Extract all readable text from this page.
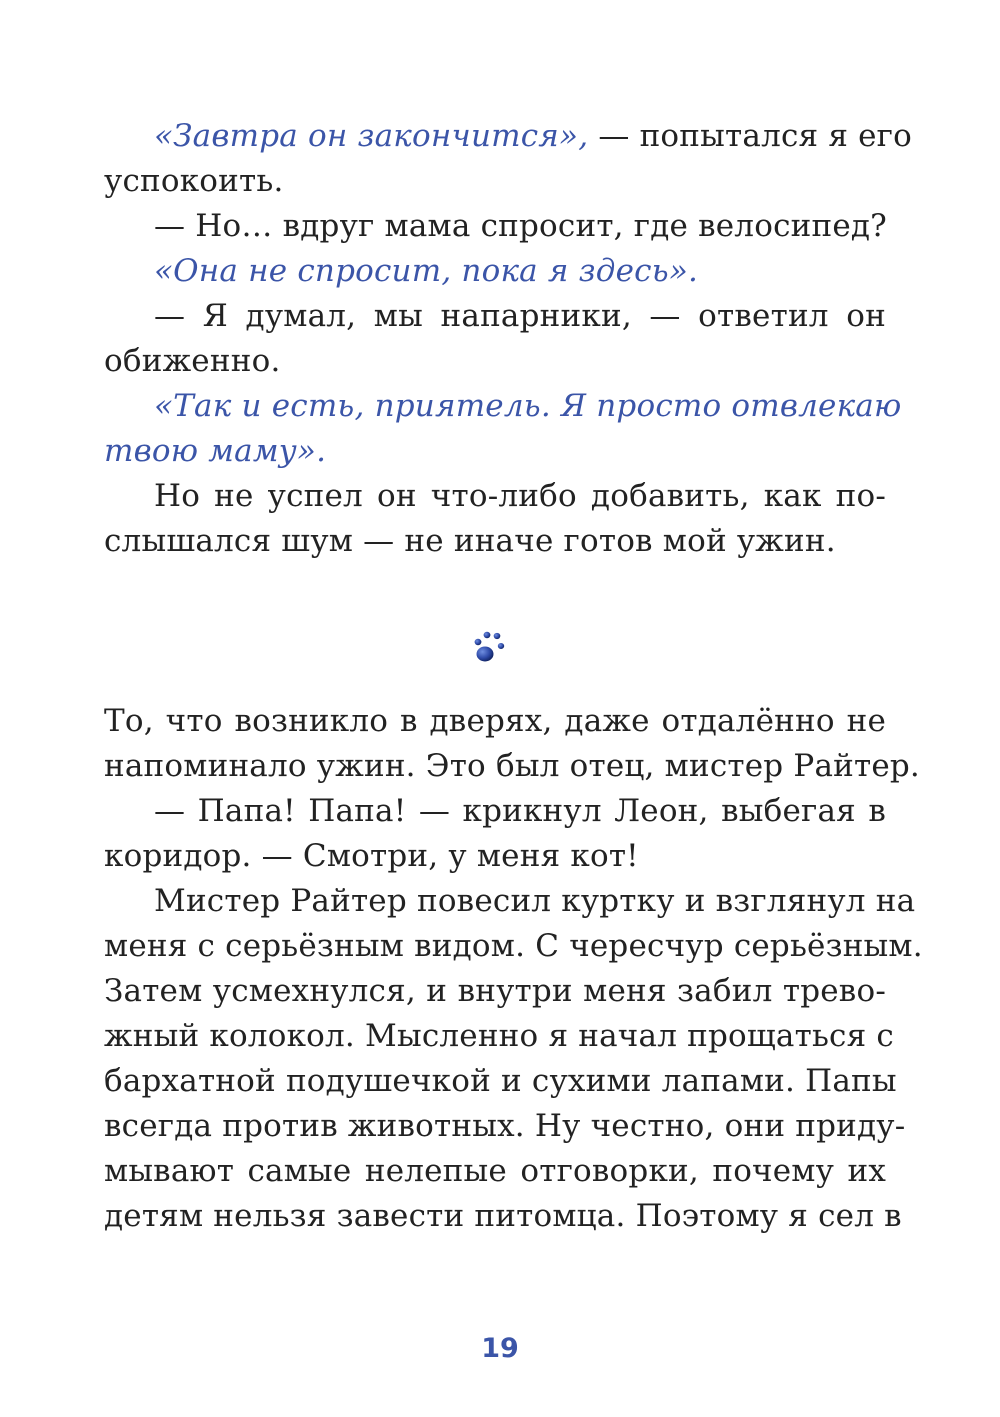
«Завтра он закончится», — попытался я его
успокоить.
— Но… вдруг мама спросит, где велосипед?
«Она не спросит, пока я здесь».
— Я думал, мы напарники, — ответил он
обиженно.
«Так и есть, приятель. Я просто отвлекаю
твою маму».
Но не успел он что-либо добавить, как по-
слышался шум — не иначе готов мой ужин.
То, что возникло в дверях, даже отдалённо не
напоминало ужин. Это был отец, мистер Райтер.
— Папа! Папа! — крикнул Леон, выбегая в
коридор. — Смотри, у меня кот!
Мистер Райтер повесил куртку и взглянул на
меня с серьёзным видом. С чересчур серьёзным.
Затем усмехнулся, и внутри меня забил трево-
жный колокол. Мысленно я начал прощаться с
бархатной подушечкой и сухими лапами. Папы
всегда против животных. Ну честно, они приду-
мывают самые нелепые отговорки, почему их
детям нельзя завести питомца. Поэтому я сел в
19
